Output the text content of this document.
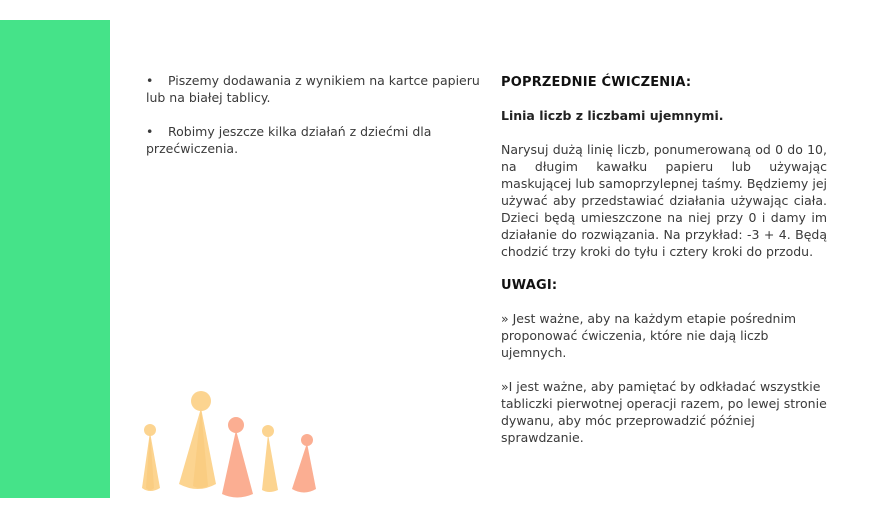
• Piszemy dodawania z wynikiem na kartce papieru lub na białej tablicy.

• Robimy jeszcze kilka działań z dziećmi dla przećwiczenia.

POPRZEDNIE ĆWICZENIA:
Linia liczb z liczbami ujemnymi.
Narysuj dużą linię liczb, ponumerowaną od 0 do 10, na długim kawałku papieru lub używając maskującej lub samoprzylepnej taśmy. Będziemy jej używać aby przedstawiać działania używając ciała. Dzieci będą umieszczone na niej przy 0 i damy im działanie do rozwiązania. Na przykład: -3 + 4. Będą chodzić trzy kroki do tyłu i cztery kroki do przodu.
UWAGI:
» Jest ważne, aby na każdym etapie pośrednim proponować ćwiczenia, które nie dają liczb ujemnych.
»I jest ważne, aby pamiętać by odkładać wszystkie tabliczki pierwotnej operacji razem, po lewej stronie dywanu, aby móc przeprowadzić później sprawdzanie.
